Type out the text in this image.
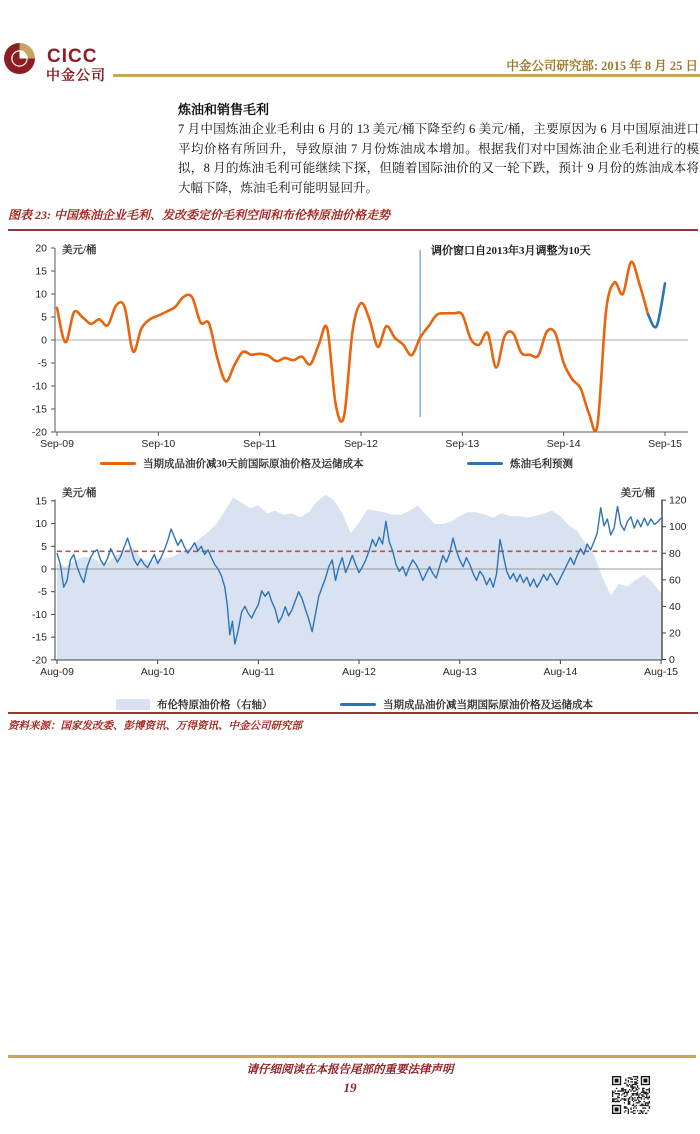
CICC
中金公司
中金公司研究部: 2015 年 8 月 25 日
炼油和销售毛利
7 月中国炼油企业毛利由 6 月的 13 美元/桶下降至约 6 美元/桶，主要原因为 6 月中国原油进口平均价格有所回升，导致原油 7 月份炼油成本增加。根据我们对中国炼油企业毛利进行的模拟，8 月的炼油毛利可能继续下探，但随着国际油价的又一轮下跌，预计 9 月份的炼油成本将大幅下降，炼油毛利可能明显回升。
图表 23: 中国炼油企业毛利、发改委定价毛利空间和布伦特原油价格走势
20
15
10
5
0
-5
-10
-15
-20
Sep-09	Sep-10	Sep-11	Sep-12	Sep-13	Sep-14	Sep-15
15
10
5
0
-5
-10
-15
-20
120
100
80
60
40
20
0
Aug-09	Aug-10	Aug-11	Aug-12	Aug-13	Aug-14	Aug-15
美元/桶	调价窗口自2013年3月调整为10天
美元/桶	美元/桶
当期成品油价减30天前国际原油价格及运储成本	炼油毛利预测
布伦特原油价格（右轴）	当期成品油价减当期国际原油价格及运储成本
资料来源：国家发改委、彭博资讯、万得资讯、中金公司研究部
请仔细阅读在本报告尾部的重要法律声明
19
